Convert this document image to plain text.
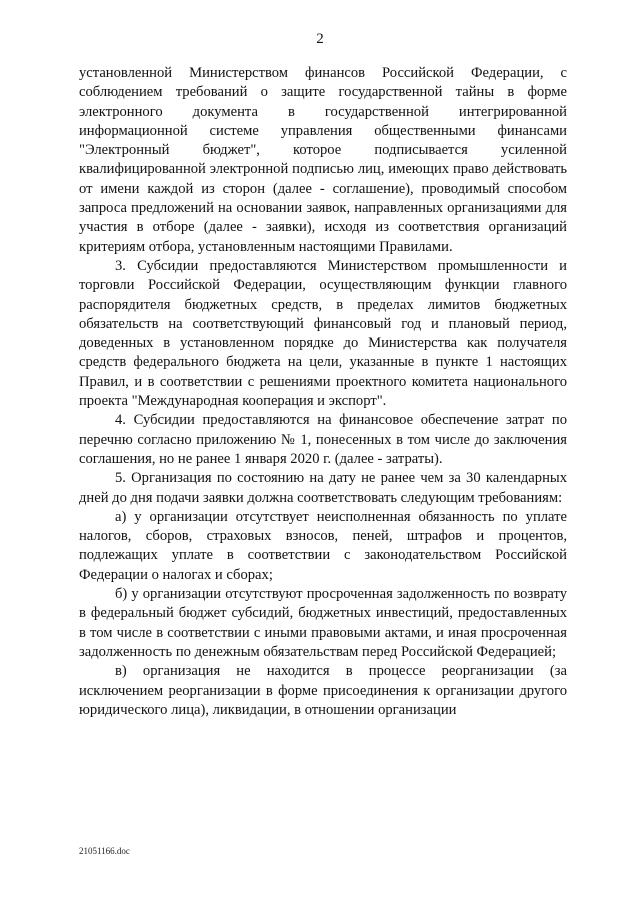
2

установленной Министерством финансов Российской Федерации, с соблюдением требований о защите государственной тайны в форме электронного документа в государственной интегрированной информационной системе управления общественными финансами "Электронный бюджет", которое подписывается усиленной квалифицированной электронной подписью лиц, имеющих право действовать от имени каждой из сторон (далее - соглашение), проводимый способом запроса предложений на основании заявок, направленных организациями для участия в отборе (далее - заявки), исходя из соответствия организаций критериям отбора, установленным настоящими Правилами.

3. Субсидии предоставляются Министерством промышленности и торговли Российской Федерации, осуществляющим функции главного распорядителя бюджетных средств, в пределах лимитов бюджетных обязательств на соответствующий финансовый год и плановый период, доведенных в установленном порядке до Министерства как получателя средств федерального бюджета на цели, указанные в пункте 1 настоящих Правил, и в соответствии с решениями проектного комитета национального проекта "Международная кооперация и экспорт".

4. Субсидии предоставляются на финансовое обеспечение затрат по перечню согласно приложению № 1, понесенных в том числе до заключения соглашения, но не ранее 1 января 2020 г. (далее - затраты).

5. Организация по состоянию на дату не ранее чем за 30 календарных дней до дня подачи заявки должна соответствовать следующим требованиям:

а) у организации отсутствует неисполненная обязанность по уплате налогов, сборов, страховых взносов, пеней, штрафов и процентов, подлежащих уплате в соответствии с законодательством Российской Федерации о налогах и сборах;

б) у организации отсутствуют просроченная задолженность по возврату в федеральный бюджет субсидий, бюджетных инвестиций, предоставленных в том числе в соответствии с иными правовыми актами, и иная просроченная задолженность по денежным обязательствам перед Российской Федерацией;

в) организация не находится в процессе реорганизации (за исключением реорганизации в форме присоединения к организации другого юридического лица), ликвидации, в отношении организации

21051166.doc
